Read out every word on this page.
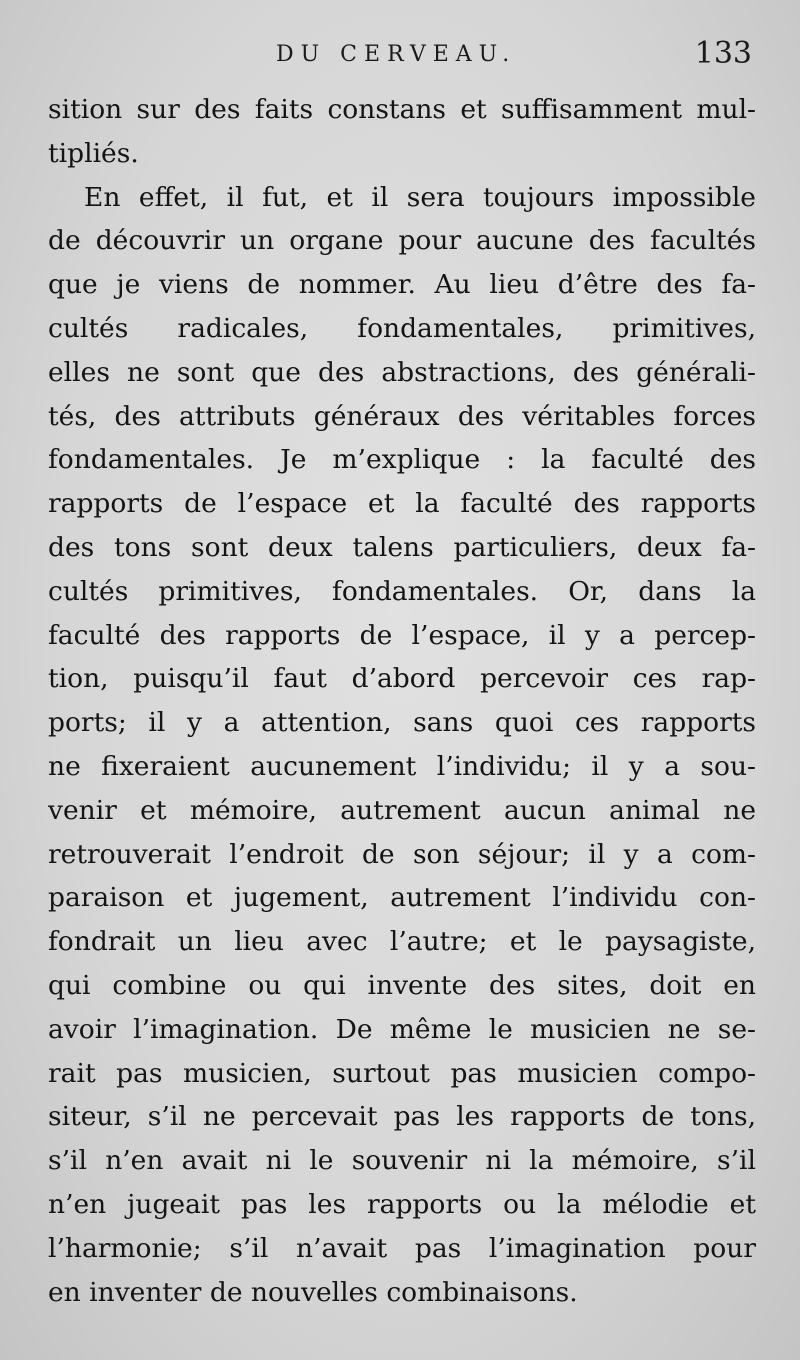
DU CERVEAU.	133
sition sur des faits constans et suffisamment mul-
tipliés.
En effet, il fut, et il sera toujours impossible
de découvrir un organe pour aucune des facultés
que je viens de nommer. Au lieu d’être des fa-
cultés radicales, fondamentales, primitives,
elles ne sont que des abstractions, des générali-
tés, des attributs généraux des véritables forces
fondamentales. Je m’explique : la faculté des
rapports de l’espace et la faculté des rapports
des tons sont deux talens particuliers, deux fa-
cultés primitives, fondamentales. Or, dans la
faculté des rapports de l’espace, il y a percep-
tion, puisqu’il faut d’abord percevoir ces rap-
ports; il y a attention, sans quoi ces rapports
ne fixeraient aucunement l’individu; il y a sou-
venir et mémoire, autrement aucun animal ne
retrouverait l’endroit de son séjour; il y a com-
paraison et jugement, autrement l’individu con-
fondrait un lieu avec l’autre; et le paysagiste,
qui combine ou qui invente des sites, doit en
avoir l’imagination. De même le musicien ne se-
rait pas musicien, surtout pas musicien compo-
siteur, s’il ne percevait pas les rapports de tons,
s’il n’en avait ni le souvenir ni la mémoire, s’il
n’en jugeait pas les rapports ou la mélodie et
l’harmonie; s’il n’avait pas l’imagination pour
en inventer de nouvelles combinaisons.
